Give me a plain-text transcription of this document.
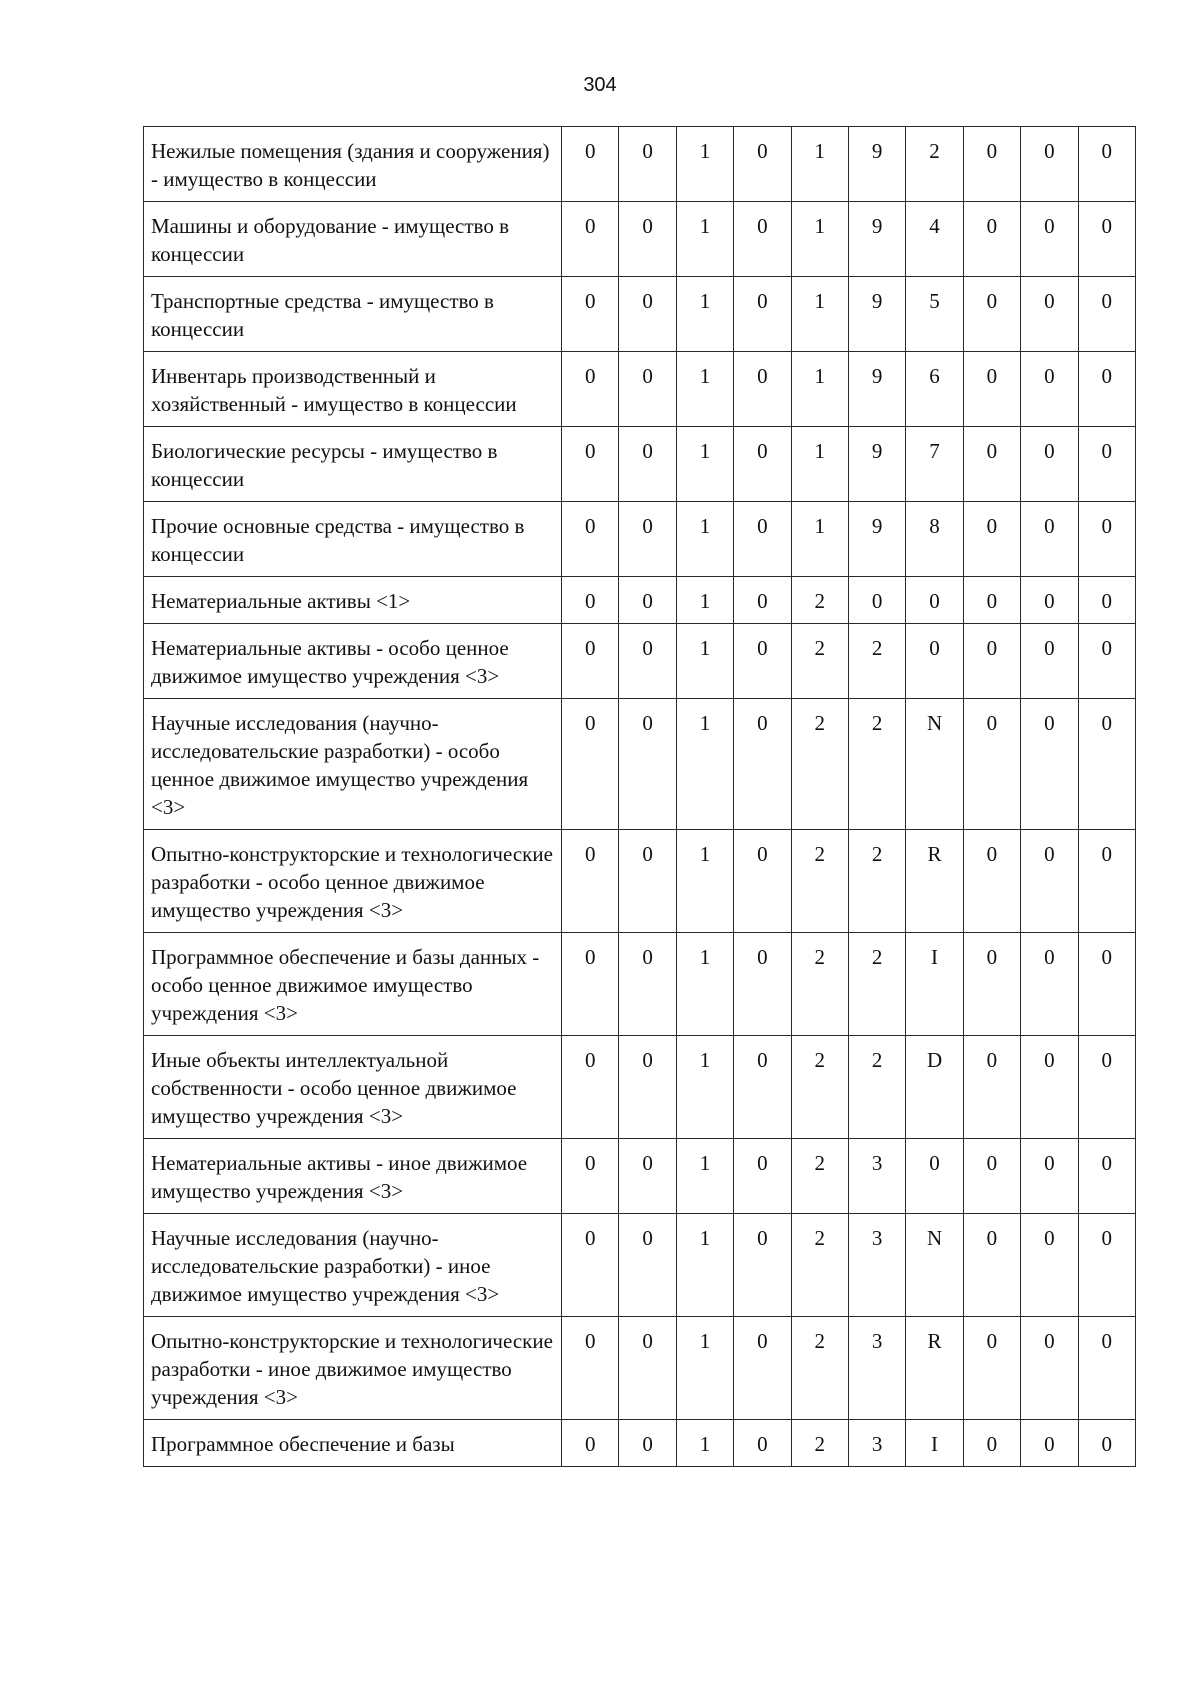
304
Нежилые помещения (здания и сооружения) - имущество в концессии	0	0	1	0	1	9	2	0	0	0
Машины и оборудование - имущество в концессии	0	0	1	0	1	9	4	0	0	0
Транспортные средства - имущество в концессии	0	0	1	0	1	9	5	0	0	0
Инвентарь производственный и хозяйственный - имущество в концессии	0	0	1	0	1	9	6	0	0	0
Биологические ресурсы - имущество в концессии	0	0	1	0	1	9	7	0	0	0
Прочие основные средства - имущество в концессии	0	0	1	0	1	9	8	0	0	0
Нематериальные активы <1>	0	0	1	0	2	0	0	0	0	0
Нематериальные активы - особо ценное движимое имущество учреждения <3>	0	0	1	0	2	2	0	0	0	0
Научные исследования (научно-исследовательские разработки) - особо ценное движимое имущество учреждения <3>	0	0	1	0	2	2	N	0	0	0
Опытно-конструкторские и технологические разработки - особо ценное движимое имущество учреждения <3>	0	0	1	0	2	2	R	0	0	0
Программное обеспечение и базы данных - особо ценное движимое имущество учреждения <3>	0	0	1	0	2	2	I	0	0	0
Иные объекты интеллектуальной собственности - особо ценное движимое имущество учреждения <3>	0	0	1	0	2	2	D	0	0	0
Нематериальные активы - иное движимое имущество учреждения <3>	0	0	1	0	2	3	0	0	0	0
Научные исследования (научно-исследовательские разработки) - иное движимое имущество учреждения <3>	0	0	1	0	2	3	N	0	0	0
Опытно-конструкторские и технологические разработки - иное движимое имущество учреждения <3>	0	0	1	0	2	3	R	0	0	0
Программное обеспечение и базы	0	0	1	0	2	3	I	0	0	0
